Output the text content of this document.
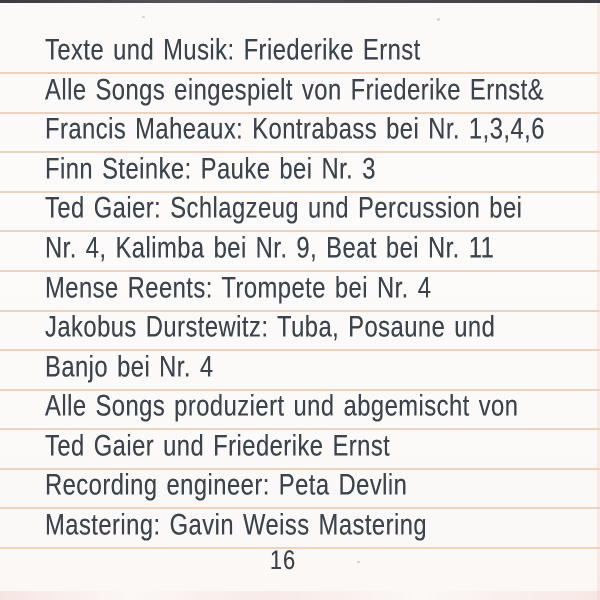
Texte und Musik: Friederike Ernst
Alle Songs eingespielt von Friederike Ernst&
Francis Maheaux: Kontrabass bei Nr. 1,3,4,6
Finn Steinke: Pauke bei Nr. 3
Ted Gaier: Schlagzeug und Percussion bei
Nr. 4, Kalimba bei Nr. 9, Beat bei Nr. 11
Mense Reents: Trompete bei Nr. 4
Jakobus Durstewitz: Tuba, Posaune und
Banjo bei Nr. 4
Alle Songs produziert und abgemischt von
Ted Gaier und Friederike Ernst
Recording engineer: Peta Devlin
Mastering: Gavin Weiss Mastering
16
